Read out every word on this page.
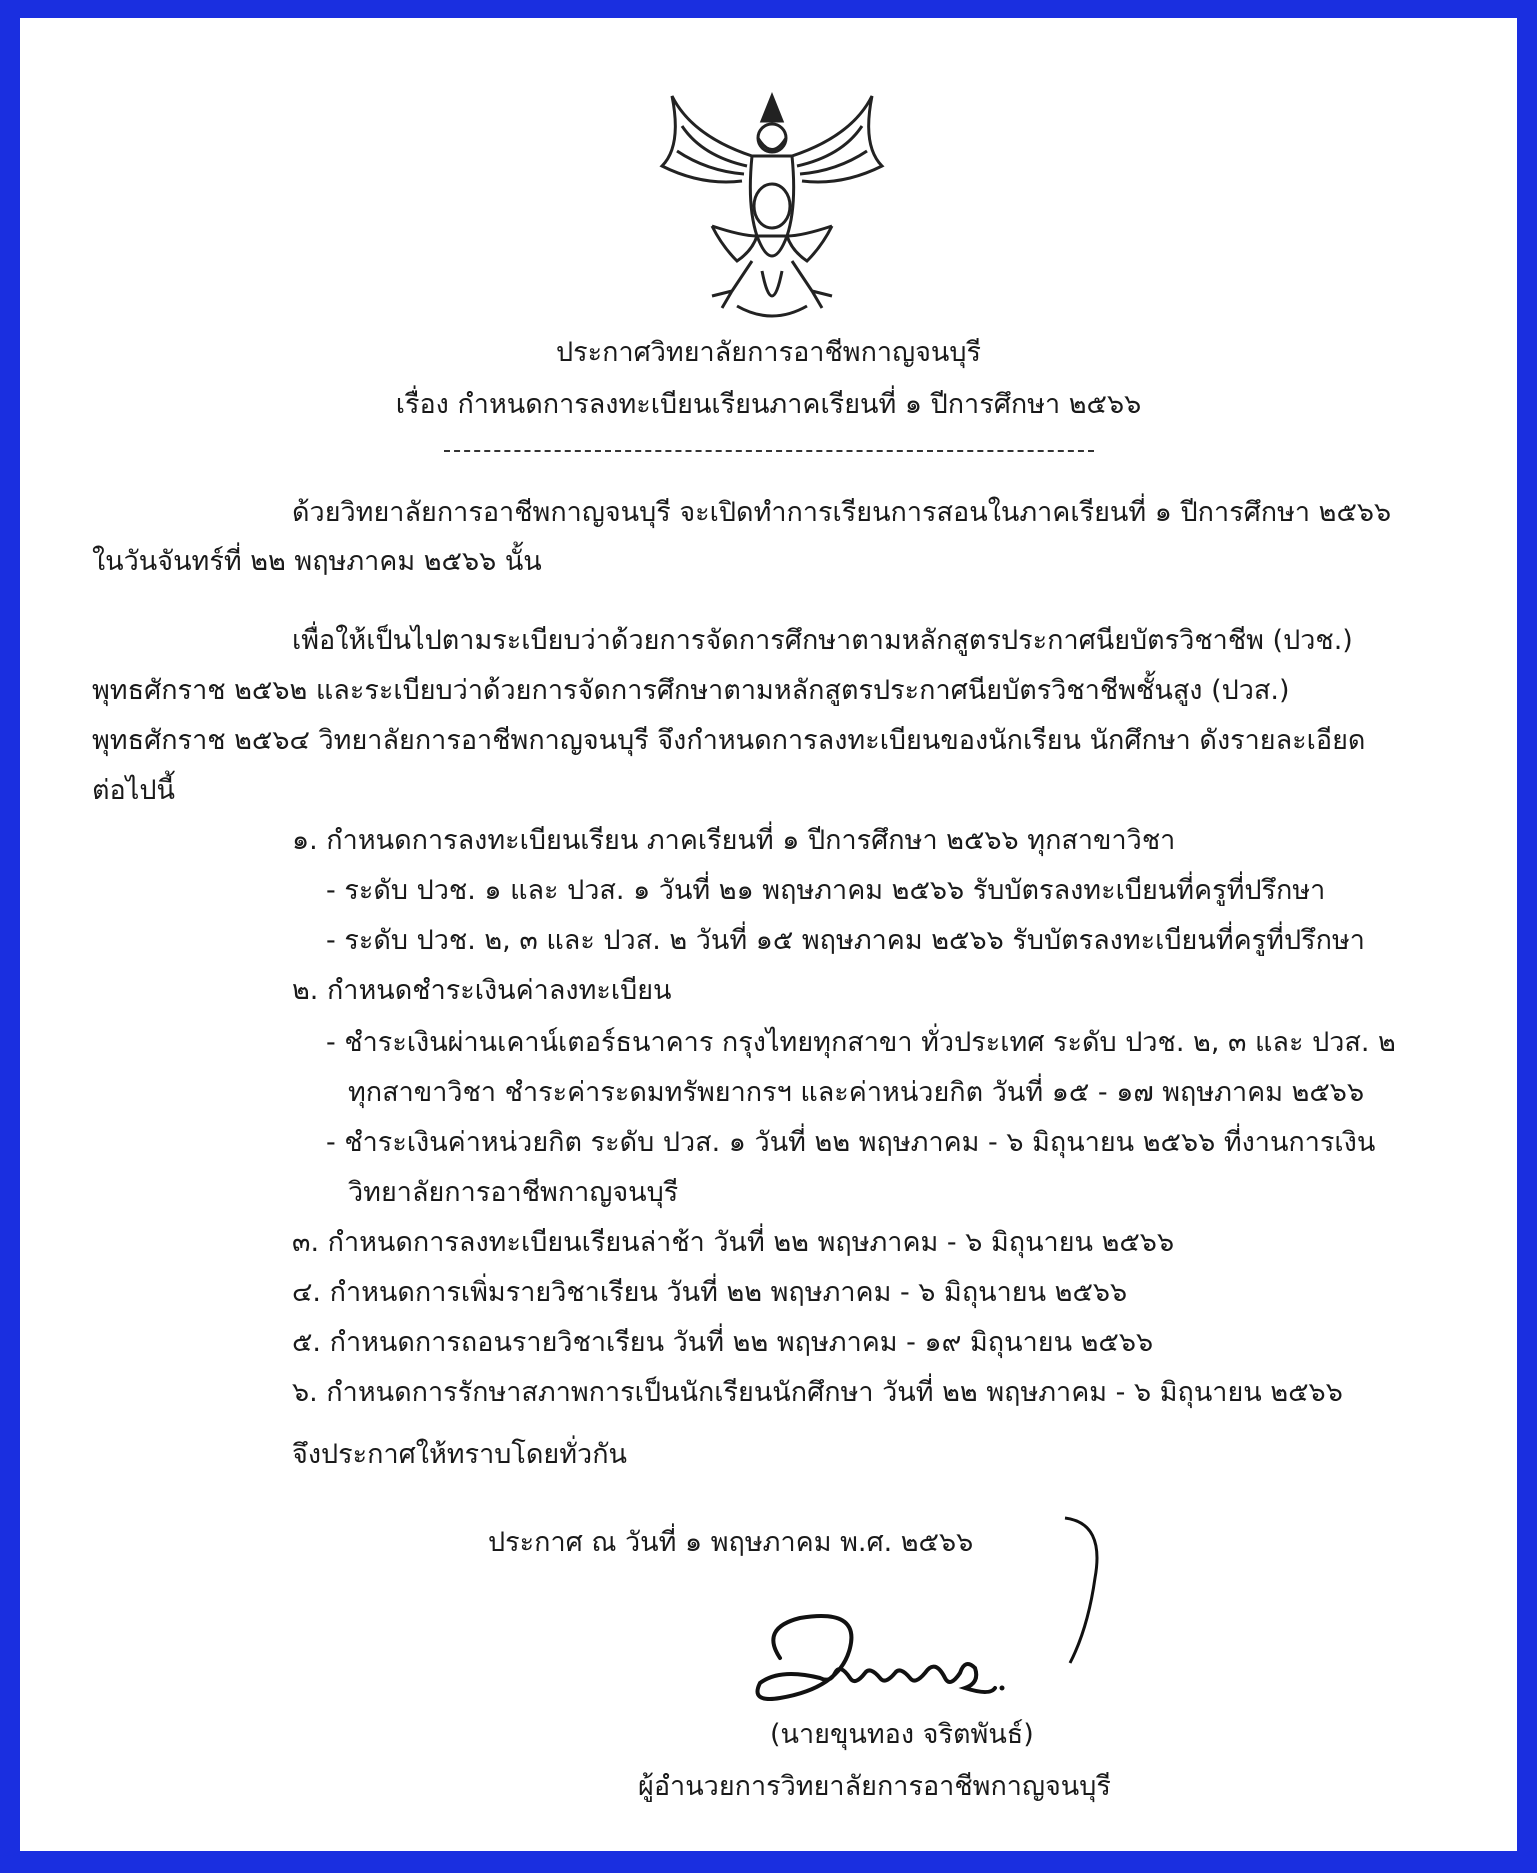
ประกาศวิทยาลัยการอาชีพกาญจนบุรี
เรื่อง กำหนดการลงทะเบียนเรียนภาคเรียนที่ ๑ ปีการศึกษา ๒๕๖๖
ด้วยวิทยาลัยการอาชีพกาญจนบุรี จะเปิดทำการเรียนการสอนในภาคเรียนที่ ๑ ปีการศึกษา ๒๕๖๖
ในวันจันทร์ที่ ๒๒ พฤษภาคม ๒๕๖๖ นั้น
เพื่อให้เป็นไปตามระเบียบว่าด้วยการจัดการศึกษาตามหลักสูตรประกาศนียบัตรวิชาชีพ (ปวช.)
พุทธศักราช ๒๕๖๒ และระเบียบว่าด้วยการจัดการศึกษาตามหลักสูตรประกาศนียบัตรวิชาชีพชั้นสูง (ปวส.)
พุทธศักราช ๒๕๖๔ วิทยาลัยการอาชีพกาญจนบุรี จึงกำหนดการลงทะเบียนของนักเรียน นักศึกษา ดังรายละเอียด
ต่อไปนี้
๑. กำหนดการลงทะเบียนเรียน ภาคเรียนที่ ๑ ปีการศึกษา ๒๕๖๖ ทุกสาขาวิชา
- ระดับ ปวช. ๑ และ ปวส. ๑ วันที่ ๒๑ พฤษภาคม ๒๕๖๖ รับบัตรลงทะเบียนที่ครูที่ปรึกษา
- ระดับ ปวช. ๒, ๓ และ ปวส. ๒ วันที่ ๑๕ พฤษภาคม ๒๕๖๖ รับบัตรลงทะเบียนที่ครูที่ปรึกษา
๒. กำหนดชำระเงินค่าลงทะเบียน
- ชำระเงินผ่านเคาน์เตอร์ธนาคาร กรุงไทยทุกสาขา ทั่วประเทศ ระดับ ปวช. ๒, ๓ และ ปวส. ๒
ทุกสาขาวิชา ชำระค่าระดมทรัพยากรฯ และค่าหน่วยกิต วันที่ ๑๕ - ๑๗ พฤษภาคม ๒๕๖๖
- ชำระเงินค่าหน่วยกิต ระดับ ปวส. ๑ วันที่ ๒๒ พฤษภาคม - ๖ มิถุนายน ๒๕๖๖ ที่งานการเงิน
วิทยาลัยการอาชีพกาญจนบุรี
๓. กำหนดการลงทะเบียนเรียนล่าช้า วันที่ ๒๒ พฤษภาคม - ๖ มิถุนายน ๒๕๖๖
๔. กำหนดการเพิ่มรายวิชาเรียน วันที่ ๒๒ พฤษภาคม - ๖ มิถุนายน ๒๕๖๖
๕. กำหนดการถอนรายวิชาเรียน วันที่ ๒๒ พฤษภาคม - ๑๙ มิถุนายน ๒๕๖๖
๖. กำหนดการรักษาสภาพการเป็นนักเรียนนักศึกษา วันที่ ๒๒ พฤษภาคม - ๖ มิถุนายน ๒๕๖๖
จึงประกาศให้ทราบโดยทั่วกัน
ประกาศ ณ วันที่ ๑ พฤษภาคม พ.ศ. ๒๕๖๖
(นายขุนทอง จริตพันธ์)
ผู้อำนวยการวิทยาลัยการอาชีพกาญจนบุรี
